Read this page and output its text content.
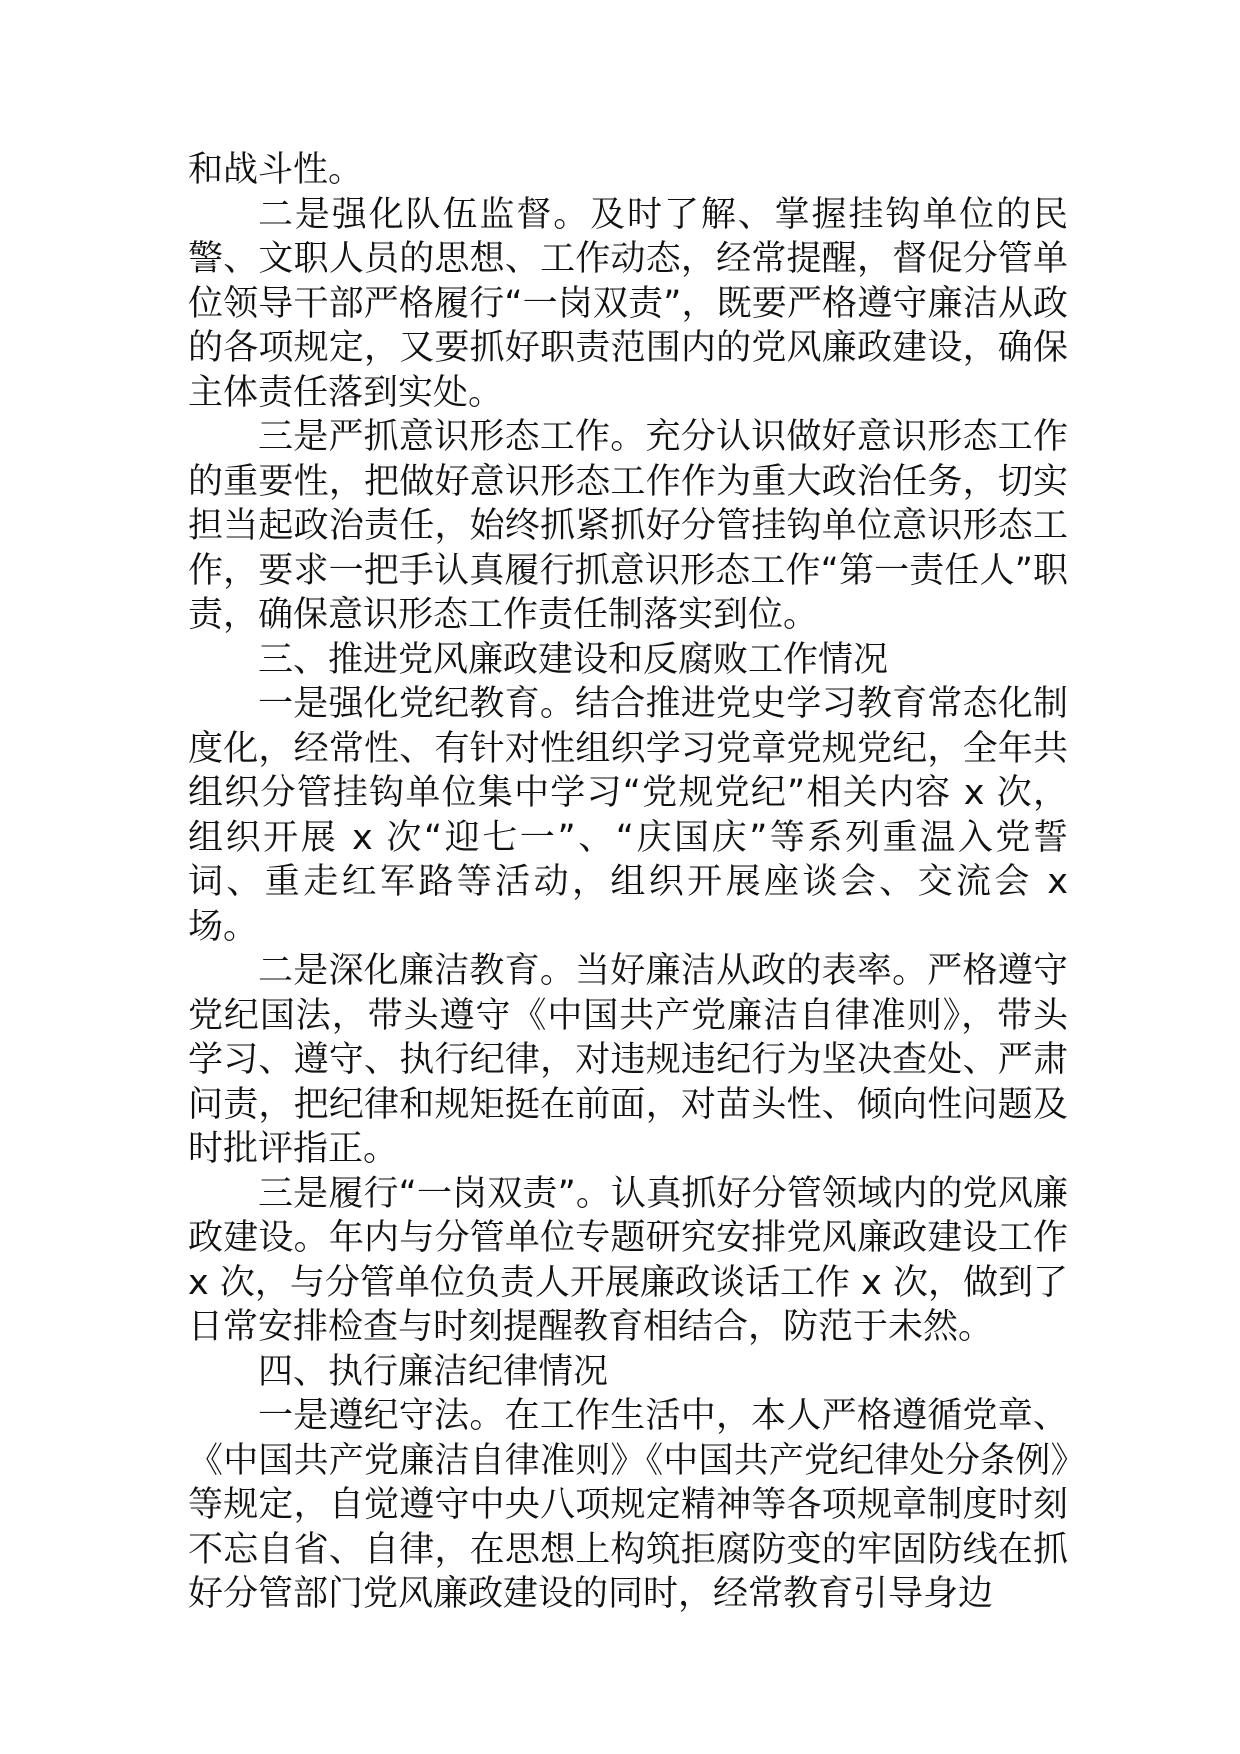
和战斗性。

二是强化队伍监督。及时了解、掌握挂钩单位的民警、文职人员的思想、工作动态，经常提醒，督促分管单位领导干部严格履行“一岗双责”，既要严格遵守廉洁从政的各项规定，又要抓好职责范围内的党风廉政建设，确保主体责任落到实处。

三是严抓意识形态工作。充分认识做好意识形态工作的重要性，把做好意识形态工作作为重大政治任务，切实担当起政治责任，始终抓紧抓好分管挂钩单位意识形态工作，要求一把手认真履行抓意识形态工作“第一责任人”职责，确保意识形态工作责任制落实到位。

三、推进党风廉政建设和反腐败工作情况

一是强化党纪教育。结合推进党史学习教育常态化制度化，经常性、有针对性组织学习党章党规党纪，全年共组织分管挂钩单位集中学习“党规党纪”相关内容 x 次，组织开展 x 次“迎七一”、“庆国庆”等系列重温入党誓词、重走红军路等活动，组织开展座谈会、交流会 x 场。

二是深化廉洁教育。当好廉洁从政的表率。严格遵守党纪国法，带头遵守《中国共产党廉洁自律准则》，带头学习、遵守、执行纪律，对违规违纪行为坚决查处、严肃问责，把纪律和规矩挺在前面，对苗头性、倾向性问题及时批评指正。

三是履行“一岗双责”。认真抓好分管领域内的党风廉政建设。年内与分管单位专题研究安排党风廉政建设工作 x 次，与分管单位负责人开展廉政谈话工作 x 次，做到了日常安排检查与时刻提醒教育相结合，防范于未然。

四、执行廉洁纪律情况

一是遵纪守法。在工作生活中，本人严格遵循党章、《中国共产党廉洁自律准则》《中国共产党纪律处分条例》等规定，自觉遵守中央八项规定精神等各项规章制度时刻不忘自省、自律，在思想上构筑拒腐防变的牢固防线在抓好分管部门党风廉政建设的同时，经常教育引导身边
